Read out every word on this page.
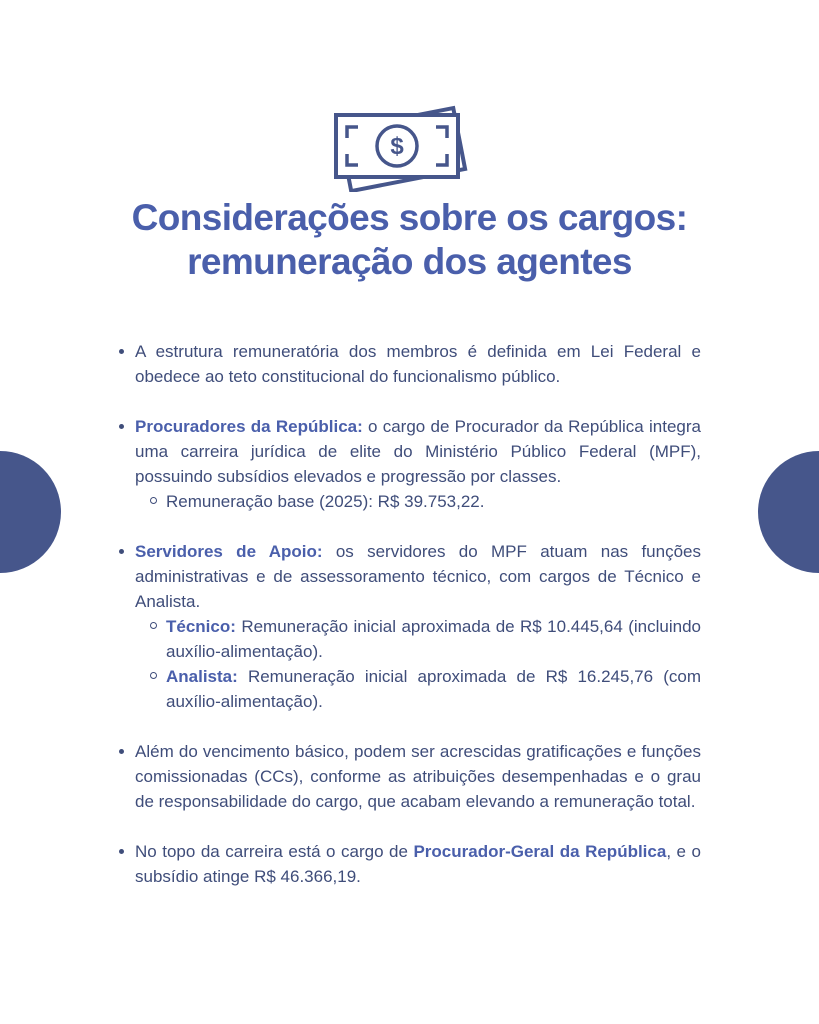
$
Considerações sobre os cargos:
remuneração dos agentes
A estrutura remuneratória dos membros é definida em Lei Federal e obedece ao teto constitucional do funcionalismo público.
Procuradores da República: o cargo de Procurador da República integra uma carreira jurídica de elite do Ministério Público Federal (MPF), possuindo subsídios elevados e progressão por classes.
Remuneração base (2025): R$ 39.753,22.
Servidores de Apoio: os servidores do MPF atuam nas funções administrativas e de assessoramento técnico, com cargos de Técnico e Analista.
Técnico: Remuneração inicial aproximada de R$ 10.445,64 (incluindo auxílio-alimentação).
Analista: Remuneração inicial aproximada de R$ 16.245,76 (com auxílio-alimentação).
Além do vencimento básico, podem ser acrescidas gratificações e funções comissionadas (CCs), conforme as atribuições desempenhadas e o grau de responsabilidade do cargo, que acabam elevando a remuneração total.
No topo da carreira está o cargo de Procurador-Geral da República, e o subsídio atinge R$ 46.366,19.
